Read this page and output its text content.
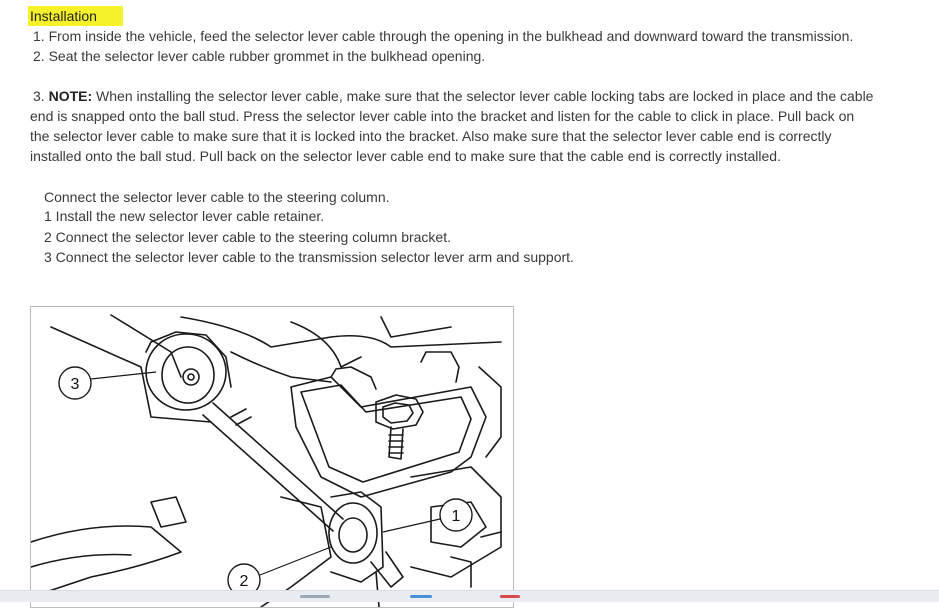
Installation
1. From inside the vehicle, feed the selector lever cable through the opening in the bulkhead and downward toward the transmission.
2. Seat the selector lever cable rubber grommet in the bulkhead opening.
3. NOTE: When installing the selector lever cable, make sure that the selector lever cable locking tabs are locked in place and the cable
end is snapped onto the ball stud. Press the selector lever cable into the bracket and listen for the cable to click in place. Pull back on
the selector lever cable to make sure that it is locked into the bracket. Also make sure that the selector lever cable end is correctly
installed onto the ball stud. Pull back on the selector lever cable end to make sure that the cable end is correctly installed.
Connect the selector lever cable to the steering column.
1 Install the new selector lever cable retainer.
2 Connect the selector lever cable to the steering column bracket.
3 Connect the selector lever cable to the transmission selector lever arm and support.
3
1
2
